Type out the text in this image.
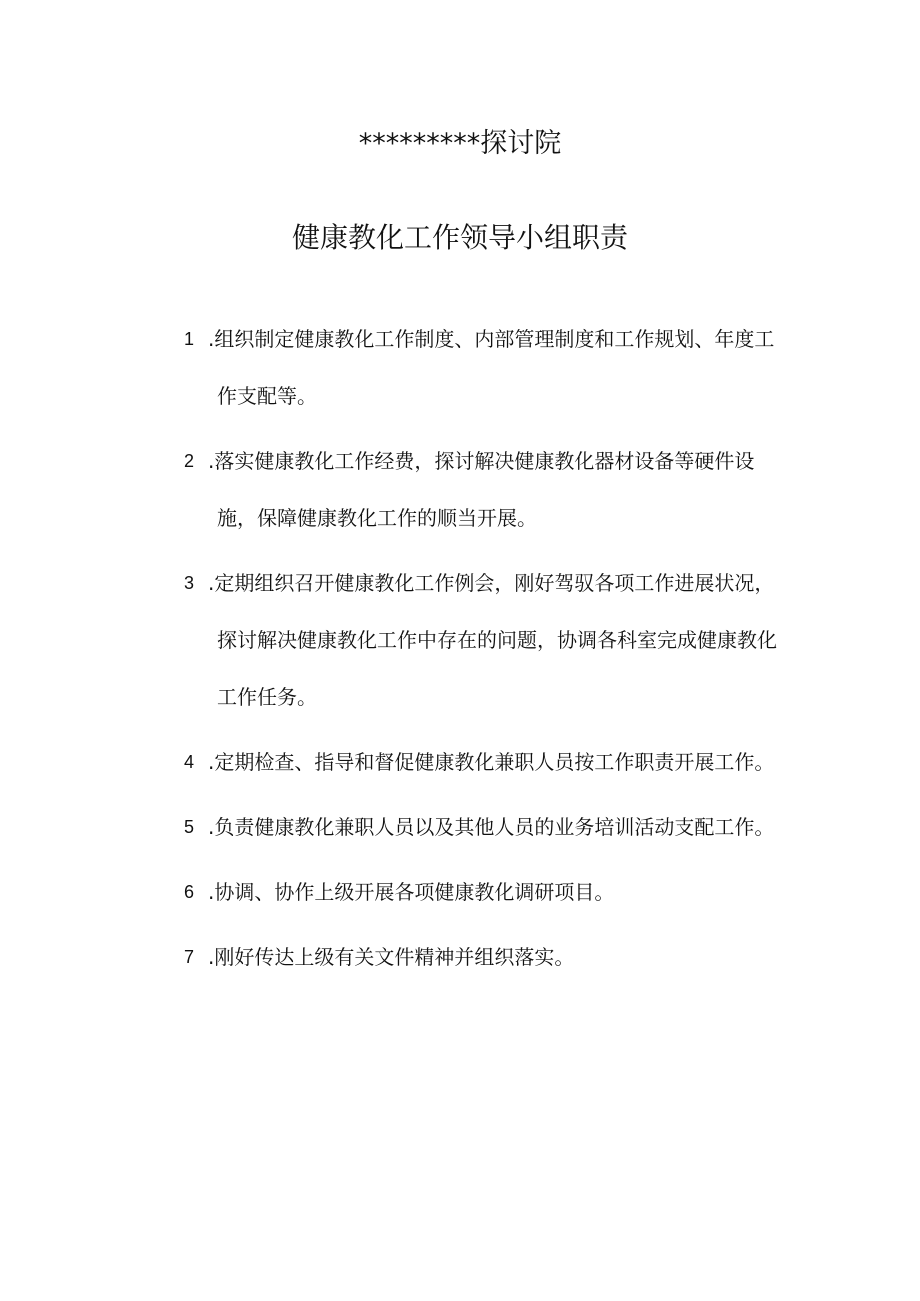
*********探讨院
健康教化工作领导小组职责
1 .组织制定健康教化工作制度、内部管理制度和工作规划、年度工作支配等。
2 .落实健康教化工作经费，探讨解决健康教化器材设备等硬件设施，保障健康教化工作的顺当开展。
3 .定期组织召开健康教化工作例会，刚好驾驭各项工作进展状况，探讨解决健康教化工作中存在的问题，协调各科室完成健康教化工作任务。
4 .定期检查、指导和督促健康教化兼职人员按工作职责开展工作。
5 .负责健康教化兼职人员以及其他人员的业务培训活动支配工作。
6 .协调、协作上级开展各项健康教化调研项目。
7 .刚好传达上级有关文件精神并组织落实。
